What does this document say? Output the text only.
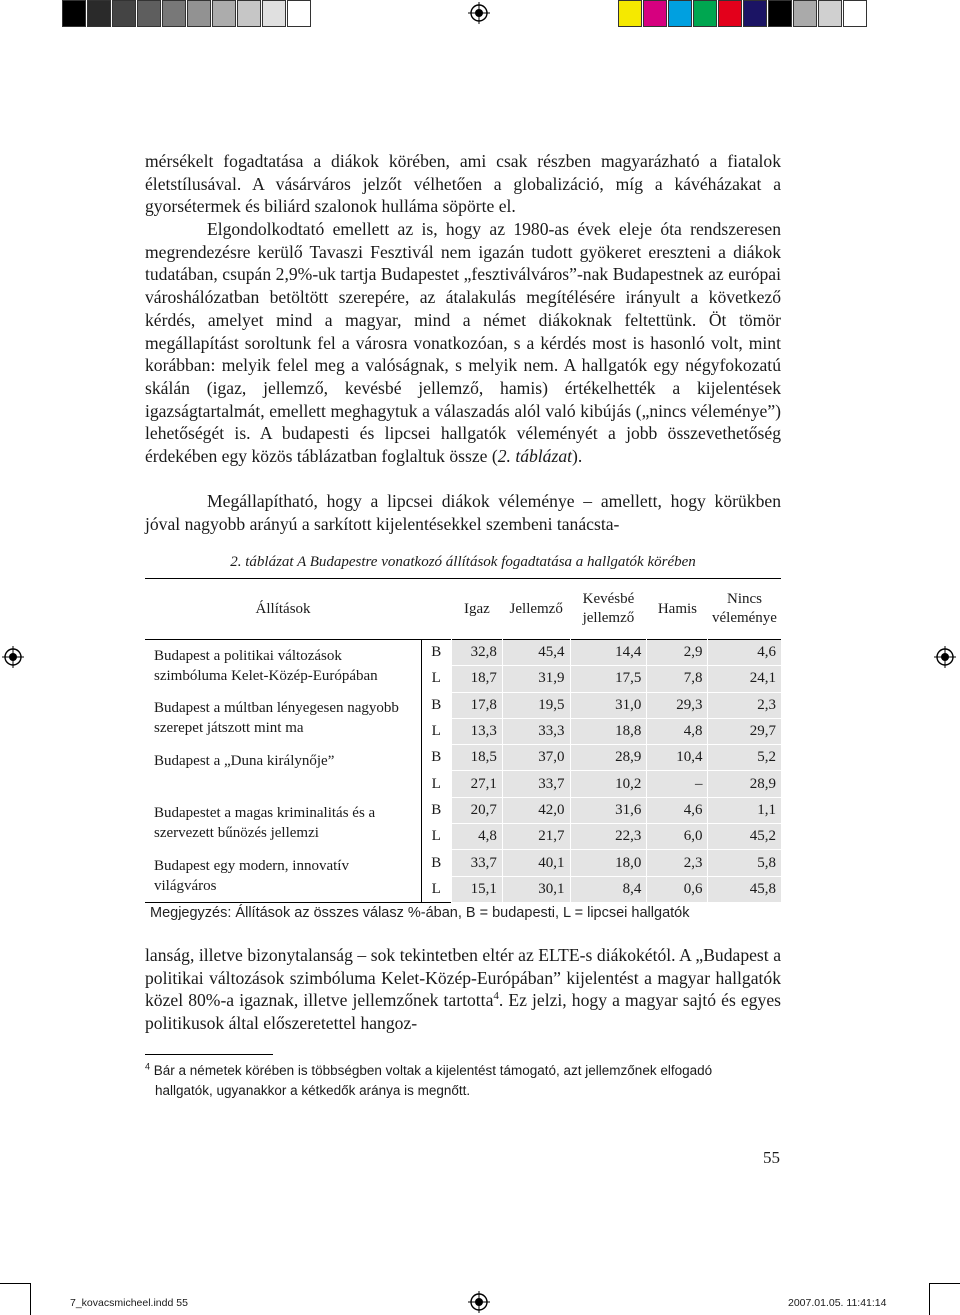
mérsékelt fogadtatása a diákok körében, ami csak részben magyarázható a fiatalok életstílusával. A vásárváros jelzőt vélhetően a globalizáció, míg a kávéházakat a gyorsétermek és biliárd szalonok hulláma söpörte el.

Elgondolkodtató emellett az is, hogy az 1980-as évek eleje óta rendszeresen megrendezésre kerülő Tavaszi Fesztivál nem igazán tudott gyökeret ereszteni a diákok tudatában, csupán 2,9%-uk tartja Budapestet „fesztiválváros”-nak Budapestnek az európai városhálózatban betöltött szerepére, az átalakulás megítélésére irányult a következő kérdés, amelyet mind a magyar, mind a német diákoknak feltettünk. Öt tömör megállapítást soroltunk fel a városra vonatkozóan, s a kérdés most is hasonló volt, mint korábban: melyik felel meg a valóságnak, s melyik nem. A hallgatók egy négyfokozatú skálán (igaz, jellemző, kevésbé jellemző, hamis) értékelhették a kijelentések igazságtartalmát, emellett meghagytuk a válaszadás alól való kibújás („nincs véleménye”) lehetőségét is. A budapesti és lipcsei hallgatók véleményét a jobb összevethetőség érdekében egy közös táblázatban foglaltuk össze (2. táblázat).

Megállapítható, hogy a lipcsei diákok véleménye – amellett, hogy körükben jóval nagyobb arányú a sarkított kijelentésekkel szembeni tanácsta-

2. táblázat A Budapestre vonatkozó állítások fogadtatása a hallgatók körében
Állítások		Igaz	Jellemző	Kevésbé jellemző	Hamis	Nincs véleménye
Budapest a politikai változások szimbóluma Kelet-Közép-Európában	B	32,8	45,4	14,4	2,9	4,6
	L	18,7	31,9	17,5	7,8	24,1
Budapest a múltban lényegesen nagyobb szerepet játszott mint ma	B	17,8	19,5	31,0	29,3	2,3
	L	13,3	33,3	18,8	4,8	29,7
Budapest a „Duna királynője”	B	18,5	37,0	28,9	10,4	5,2
	L	27,1	33,7	10,2	–	28,9
Budapestet a magas kriminalitás és a szervezett bűnözés jellemzi	B	20,7	42,0	31,6	4,6	1,1
	L	4,8	21,7	22,3	6,0	45,2
Budapest egy modern, innovatív világváros	B	33,7	40,1	18,0	2,3	5,8
	L	15,1	30,1	8,4	0,6	45,8
Megjegyzés: Állítások az összes válasz %-ában, B = budapesti, L = lipcsei hallgatók

lanság, illetve bizonytalanság – sok tekintetben eltér az ELTE-s diákokétól. A „Budapest a politikai változások szimbóluma Kelet-Közép-Európában” kijelentést a magyar hallgatók közel 80%-a igaznak, illetve jellemzőnek tartotta$^4$. Ez jelzi, hogy a magyar sajtó és egyes politikusok által előszeretettel hangoz-

$^4$ Bár a németek körében is többségben voltak a kijelentést támogató, azt jellemzőnek elfogadó
hallgatók, ugyanakkor a kétkedők aránya is megnőtt.
55
7_kovacsmicheel.indd 55	2007.01.05. 11:41:14
